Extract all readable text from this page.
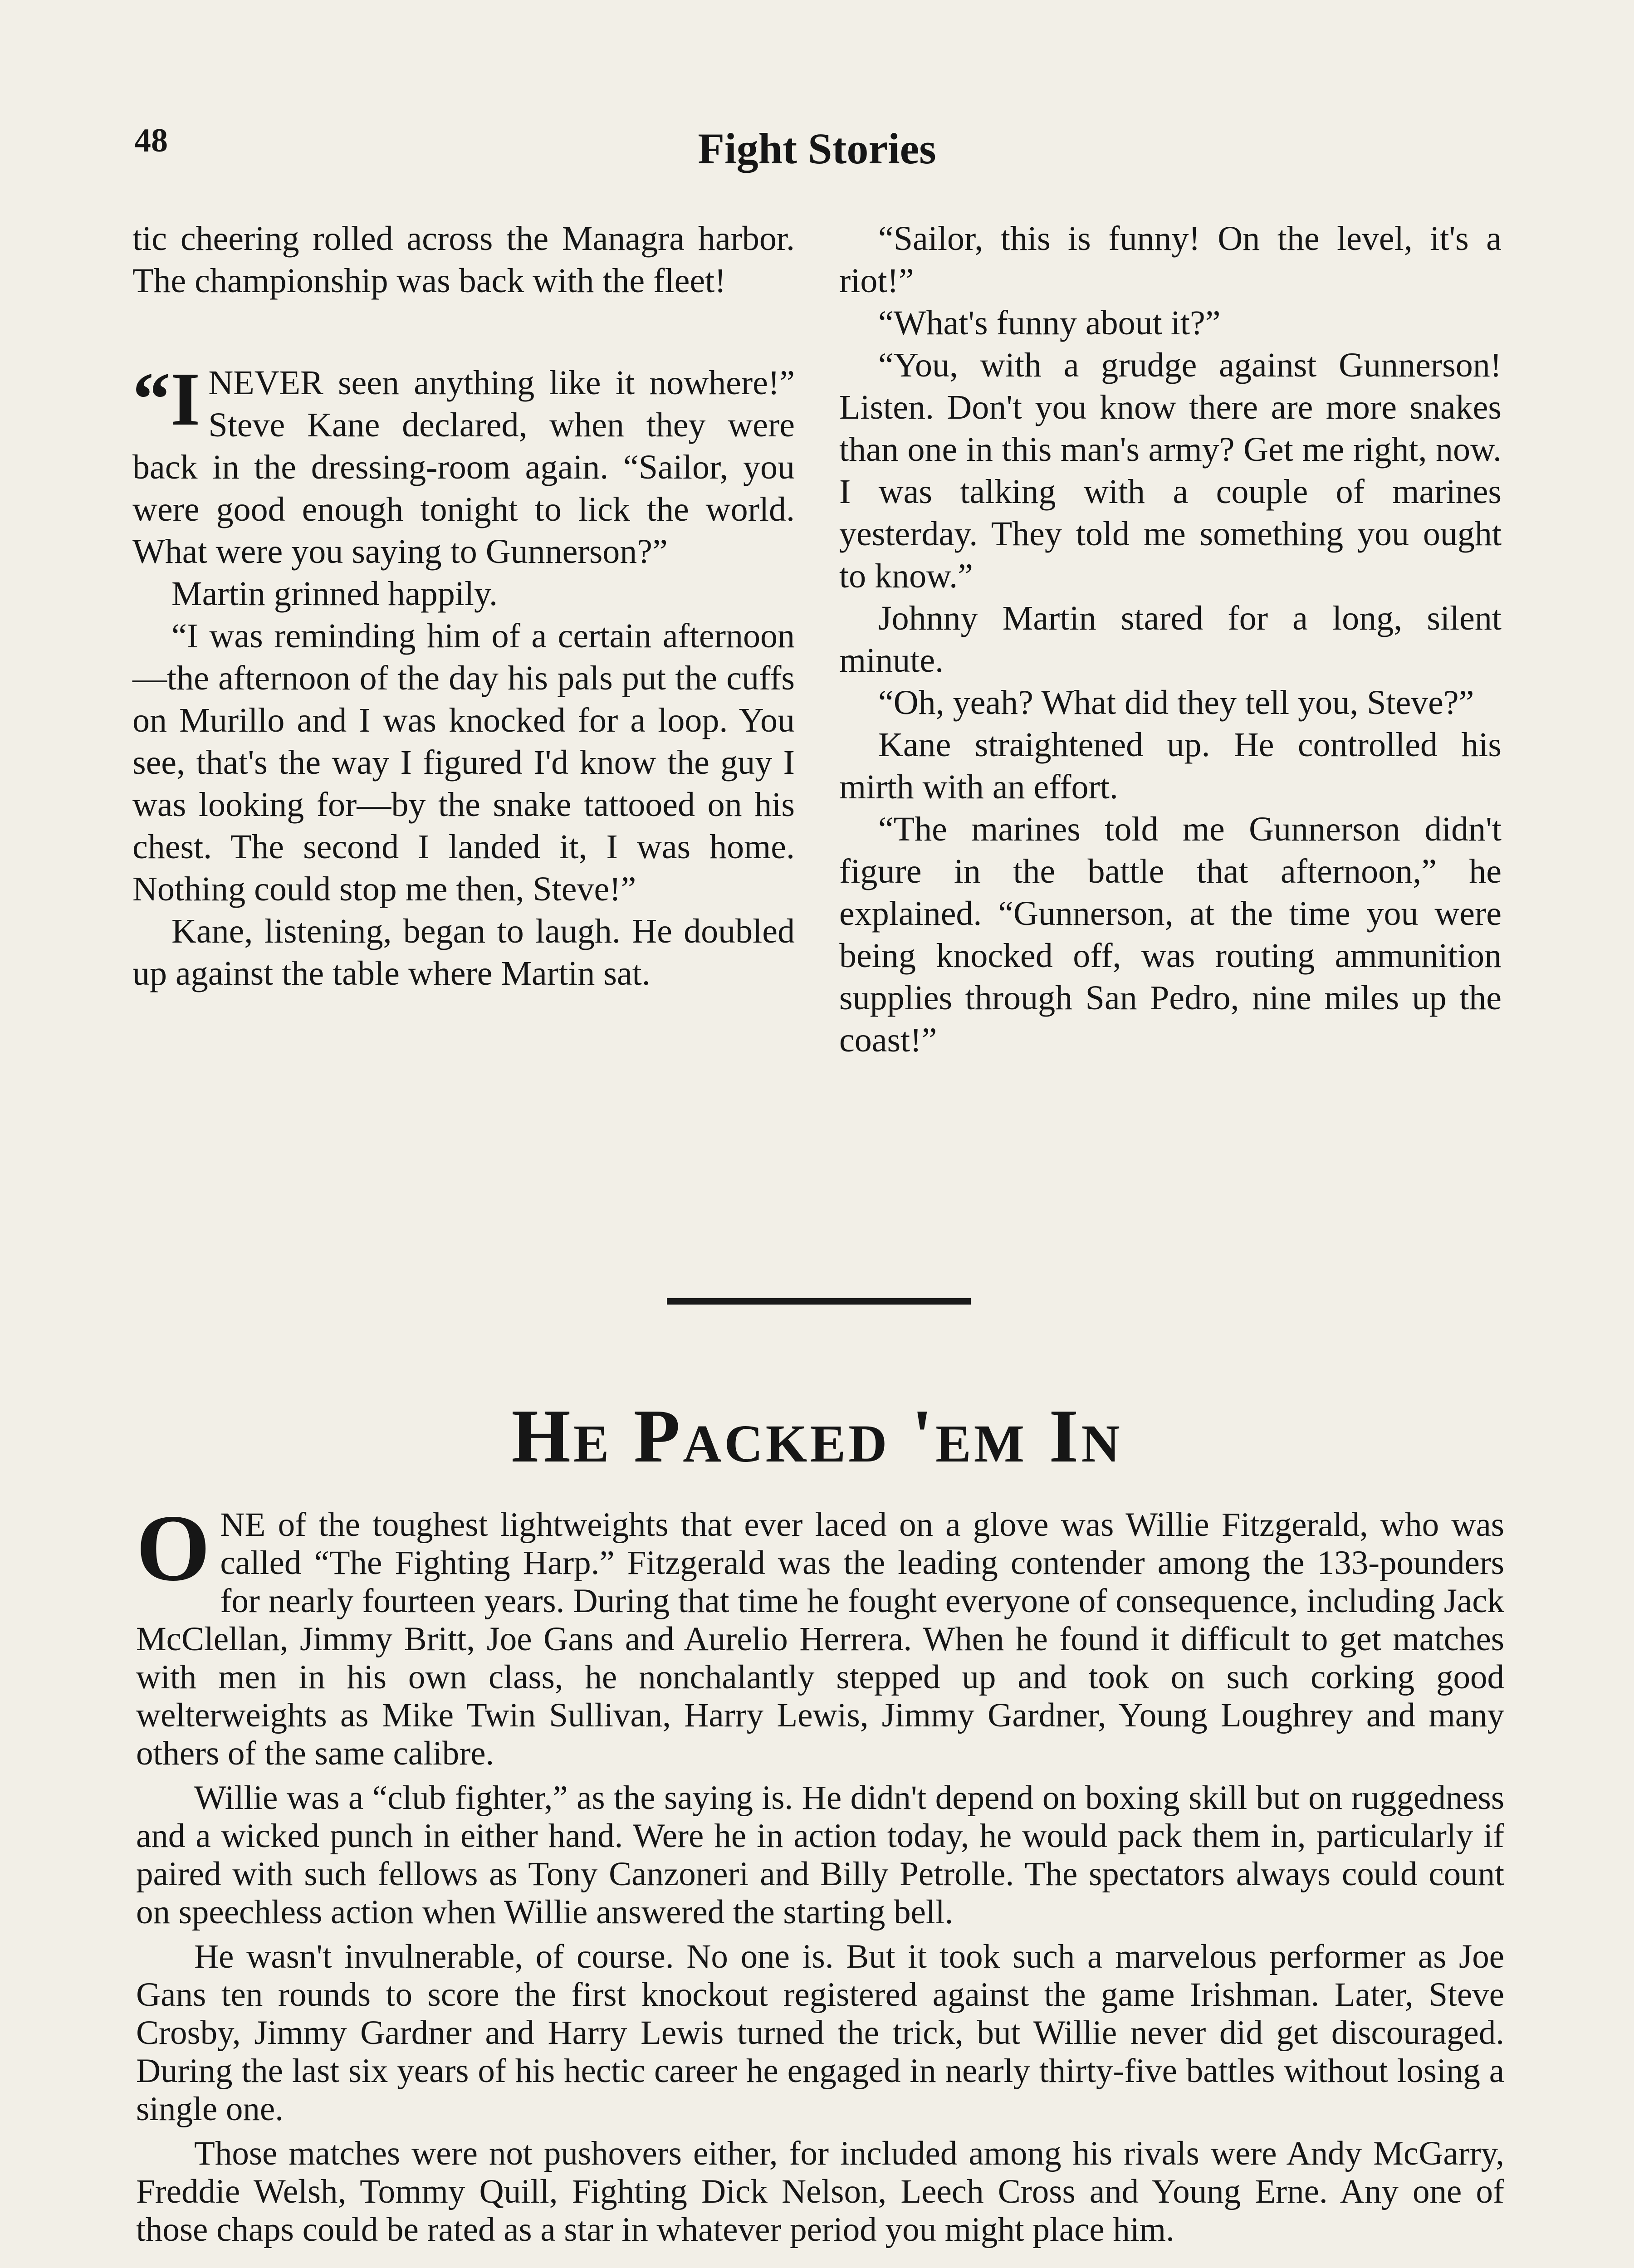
48	Fight Stories

tic cheering rolled across the Managra harbor. The championship was back with the fleet!

“I NEVER seen anything like it nowhere!” Steve Kane declared, when they were back in the dressing-room again. “Sailor, you were good enough tonight to lick the world. What were you saying to Gunnerson?”

Martin grinned happily.

“I was reminding him of a certain afternoon—the afternoon of the day his pals put the cuffs on Murillo and I was knocked for a loop. You see, that's the way I figured I'd know the guy I was looking for—by the snake tattooed on his chest. The second I landed it, I was home. Nothing could stop me then, Steve!”

Kane, listening, began to laugh. He doubled up against the table where Martin sat.

“Sailor, this is funny! On the level, it's a riot!”

“What's funny about it?”

“You, with a grudge against Gunnerson! Listen. Don't you know there are more snakes than one in this man's army? Get me right, now. I was talking with a couple of marines yesterday. They told me something you ought to know.”

Johnny Martin stared for a long, silent minute.

“Oh, yeah? What did they tell you, Steve?”

Kane straightened up. He controlled his mirth with an effort.

“The marines told me Gunnerson didn't figure in the battle that afternoon,” he explained. “Gunnerson, at the time you were being knocked off, was routing ammunition supplies through San Pedro, nine miles up the coast!”

He Packed 'em In

ONE of the toughest lightweights that ever laced on a glove was Willie Fitzgerald, who was called “The Fighting Harp.” Fitzgerald was the leading contender among the 133-pounders for nearly fourteen years. During that time he fought everyone of consequence, including Jack McClellan, Jimmy Britt, Joe Gans and Aurelio Herrera. When he found it difficult to get matches with men in his own class, he nonchalantly stepped up and took on such corking good welterweights as Mike Twin Sullivan, Harry Lewis, Jimmy Gardner, Young Loughrey and many others of the same calibre.

Willie was a “club fighter,” as the saying is. He didn't depend on boxing skill but on ruggedness and a wicked punch in either hand. Were he in action today, he would pack them in, particularly if paired with such fellows as Tony Canzoneri and Billy Petrolle. The spectators always could count on speechless action when Willie answered the starting bell.

He wasn't invulnerable, of course. No one is. But it took such a marvelous performer as Joe Gans ten rounds to score the first knockout registered against the game Irishman. Later, Steve Crosby, Jimmy Gardner and Harry Lewis turned the trick, but Willie never did get discouraged. During the last six years of his hectic career he engaged in nearly thirty-five battles without losing a single one.

Those matches were not pushovers either, for included among his rivals were Andy McGarry, Freddie Welsh, Tommy Quill, Fighting Dick Nelson, Leech Cross and Young Erne. Any one of those chaps could be rated as a star in whatever period you might place him.
